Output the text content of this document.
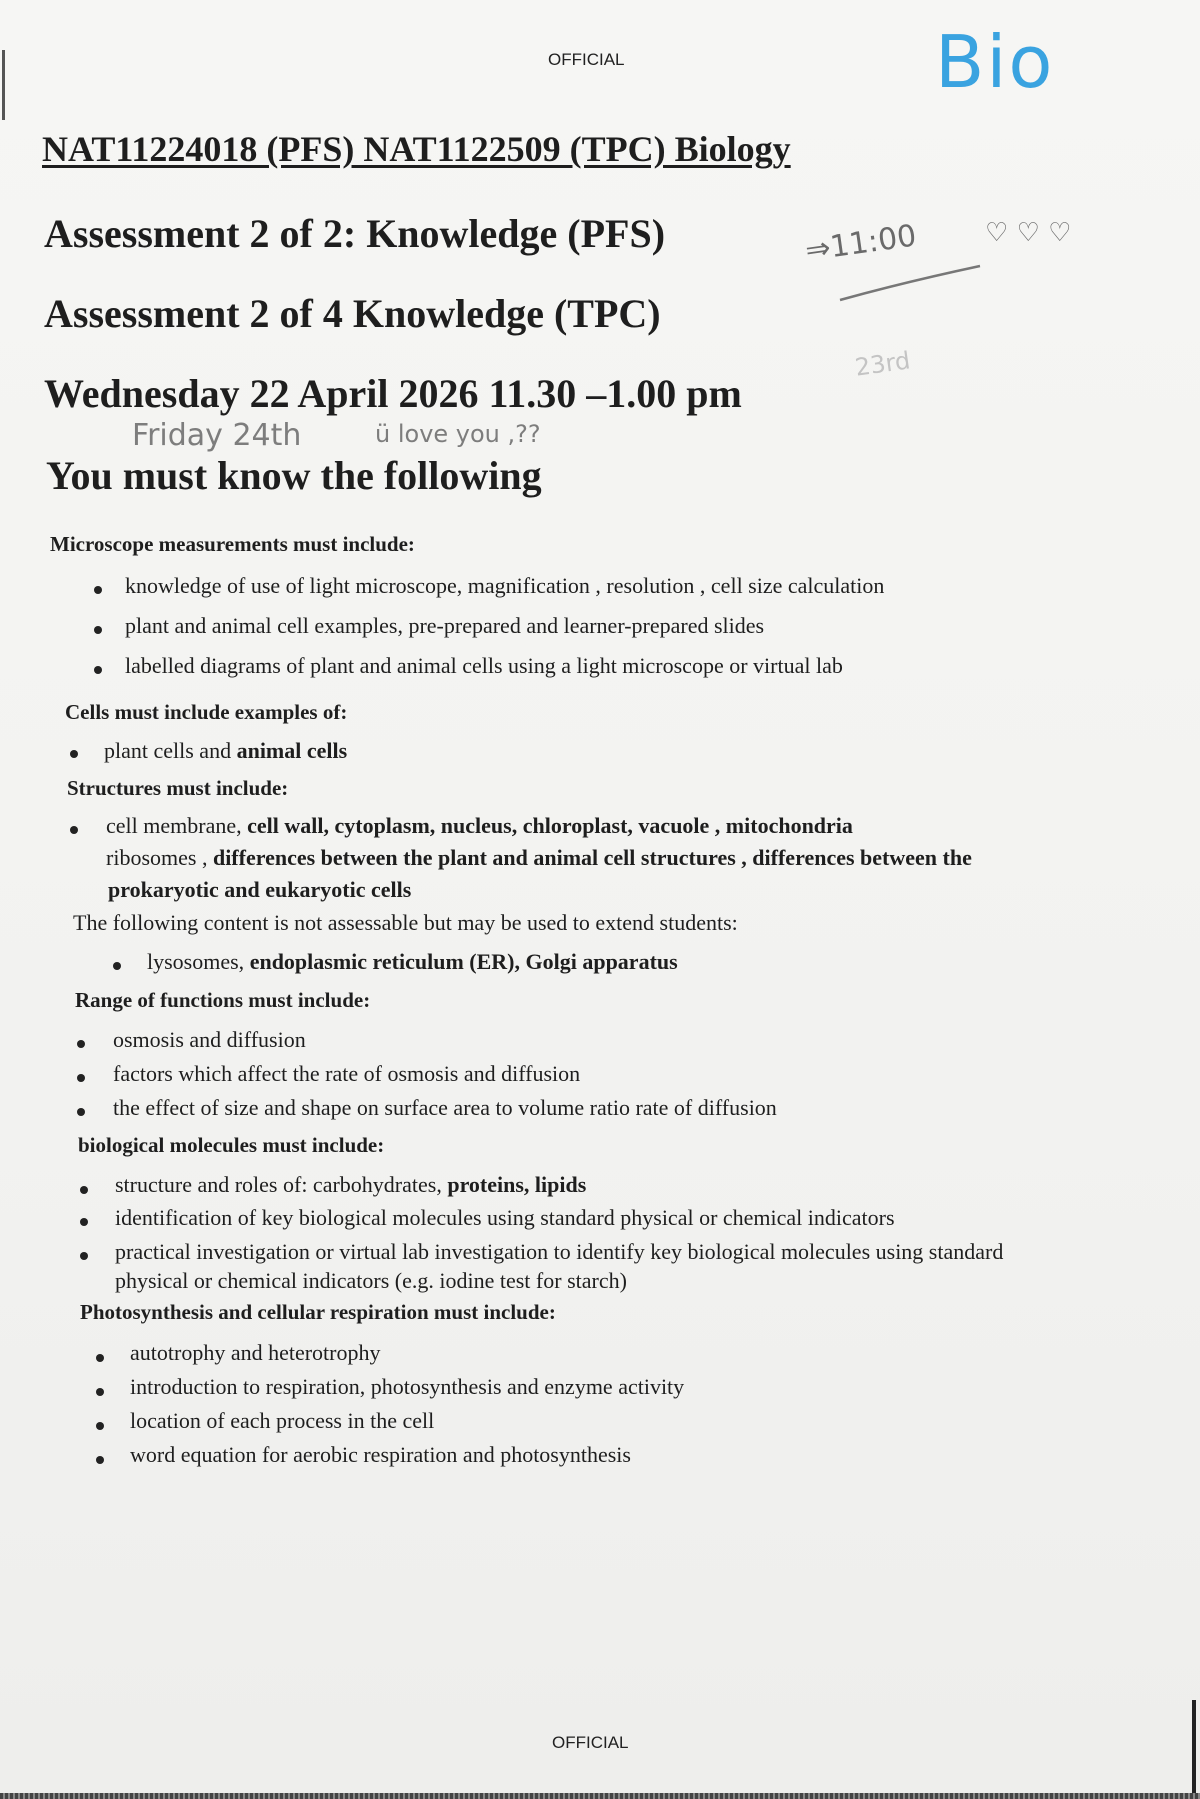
OFFICIAL	Bio

NAT11224018 (PFS) NAT1122509 (TPC) Biology

Assessment 2 of 2: Knowledge (PFS)	⇒11:00	♡ ♡ ♡

Assessment 2 of 4 Knowledge (TPC)

23rd

Wednesday 22 April 2026 11.30 –1.00 pm

Friday 24th	ü love you ,??

You must know the following

Microscope measurements must include:

knowledge of use of light microscope, magnification , resolution , cell size calculation

plant and animal cell examples, pre-prepared and learner-prepared slides

labelled diagrams of plant and animal cells using a light microscope or virtual lab

Cells must include examples of:

plant cells and animal cells

Structures must include:

cell membrane, cell wall, cytoplasm, nucleus, chloroplast, vacuole , mitochondria

ribosomes , differences between the plant and animal cell structures , differences between the

prokaryotic and eukaryotic cells

The following content is not assessable but may be used to extend students:

lysosomes, endoplasmic reticulum (ER), Golgi apparatus

Range of functions must include:

osmosis and diffusion

factors which affect the rate of osmosis and diffusion

the effect of size and shape on surface area to volume ratio rate of diffusion

biological molecules must include:

structure and roles of: carbohydrates, proteins, lipids

identification of key biological molecules using standard physical or chemical indicators

practical investigation or virtual lab investigation to identify key biological molecules using standard

physical or chemical indicators (e.g. iodine test for starch)

Photosynthesis and cellular respiration must include:

autotrophy and heterotrophy

introduction to respiration, photosynthesis and enzyme activity

location of each process in the cell

word equation for aerobic respiration and photosynthesis

OFFICIAL
